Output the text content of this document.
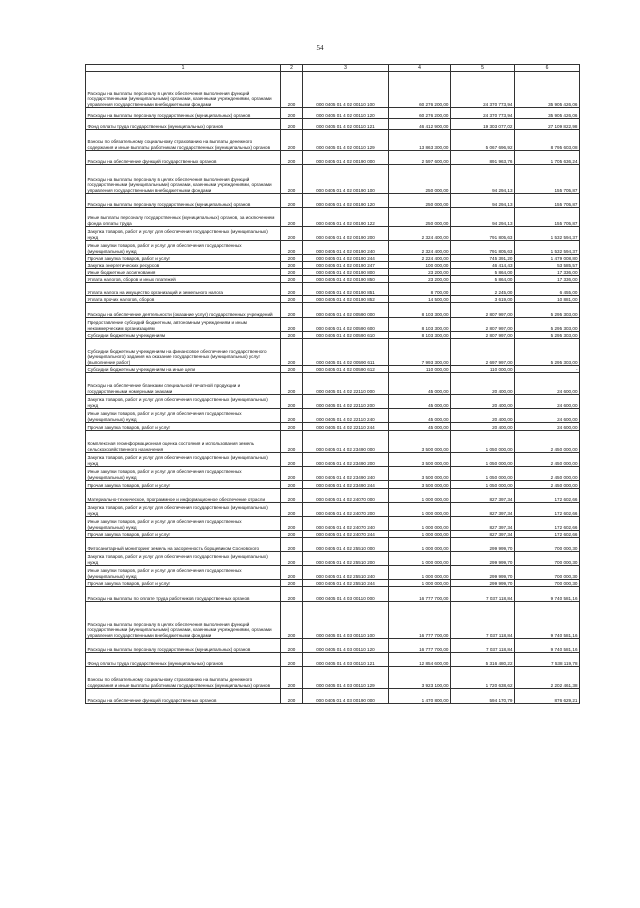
54
1	2	3	4	5	6
Расходы на выплаты персоналу в целях обеспечения выполнения функций государственными (муниципальными) органами, казенными учреждениями, органами управления государственными внебюджетными фондами	200	000 0405 01 4 02 00110 100	60 276 200,00	24 370 773,94	35 905 426,06
Расходы на выплаты персоналу государственных (муниципальных) органов	200	000 0405 01 4 02 00110 120	60 276 200,00	24 370 773,94	35 905 426,06
Фонд оплаты труда государственных (муниципальных) органов	200	000 0405 01 4 02 00110 121	46 412 900,00	19 303 077,02	27 109 822,98
Взносы по обязательному социальному страхованию на выплаты денежного содержания и иные выплаты работникам государственных (муниципальных) органов	200	000 0405 01 4 02 00110 129	13 863 300,00	5 067 696,92	8 795 603,08
Расходы на обеспечение функций государственных органов	200	000 0405 01 4 02 00190 000	2 597 600,00	891 963,76	1 705 636,24
Расходы на выплаты персоналу в целях обеспечения выполнения функций государственными (муниципальными) органами, казенными учреждениями, органами управления государственными внебюджетными фондами	200	000 0405 01 4 02 00190 100	250 000,00	94 294,13	155 705,87
Расходы на выплаты персоналу государственных (муниципальных) органов	200	000 0405 01 4 02 00190 120	250 000,00	94 294,13	155 705,87
Иные выплаты персоналу государственных (муниципальных) органов, за исключением фонда оплаты труда	200	000 0405 01 4 02 00190 122	250 000,00	94 294,13	155 705,87
Закупка товаров, работ и услуг для обеспечения государственных (муниципальных) нужд	200	000 0405 01 4 02 00190 200	2 324 400,00	791 805,63	1 532 594,37
Иные закупки товаров, работ и услуг для обеспечения государственных (муниципальных) нужд	200	000 0405 01 4 02 00190 240	2 324 400,00	791 805,63	1 532 594,37
Прочая закупка товаров, работ и услуг	200	000 0405 01 4 02 00190 244	2 224 400,00	745 391,20	1 479 008,80
Закупка энергетических ресурсов	200	000 0405 01 4 02 00190 247	100 000,00	46 414,43	53 585,57
Иные бюджетные ассигнования	200	000 0405 01 4 02 00190 800	23 200,00	5 864,00	17 336,00
Уплата налогов, сборов и иных платежей	200	000 0405 01 4 02 00190 850	23 200,00	5 864,00	17 336,00
Уплата налога на имущество организаций и земельного налога	200	000 0405 01 4 02 00190 851	8 700,00	2 245,00	6 455,00
Уплата прочих налогов, сборов	200	000 0405 01 4 02 00190 852	14 500,00	3 619,00	10 881,00
Расходы на обеспечение деятельности (оказание услуг) государственных учреждений	200	000 0405 01 4 02 00590 000	8 103 300,00	2 807 997,00	5 295 303,00
Предоставление субсидий бюджетным, автономным учреждениям и иным некоммерческим организациям	200	000 0405 01 4 02 00590 600	8 103 300,00	2 807 997,00	5 295 303,00
Субсидии бюджетным учреждениям	200	000 0405 01 4 02 00590 610	8 103 300,00	2 807 997,00	5 295 303,00
Субсидии бюджетным учреждениям на финансовое обеспечение государственного (муниципального) задания на оказание государственных (муниципальных) услуг (выполнение работ)	200	000 0405 01 4 02 00590 611	7 993 300,00	2 697 997,00	5 295 303,00
Субсидии бюджетным учреждениям на иные цели	200	000 0405 01 4 02 00590 612	110 000,00	110 000,00	-
Расходы на обеспечение бланками специальной печатной продукции и государственными номерными знаками	200	000 0405 01 4 02 22110 000	45 000,00	20 400,00	24 600,00
Закупка товаров, работ и услуг для обеспечения государственных (муниципальных) нужд	200	000 0405 01 4 02 22110 200	45 000,00	20 400,00	24 600,00
Иные закупки товаров, работ и услуг для обеспечения государственных (муниципальных) нужд	200	000 0405 01 4 02 22110 240	45 000,00	20 400,00	24 600,00
Прочая закупка товаров, работ и услуг	200	000 0405 01 4 02 22110 244	45 000,00	20 400,00	24 600,00
Комплексная геоинформационная оценка состояния и использования земель сельскохозяйственного назначения	200	000 0405 01 4 02 23490 000	3 500 000,00	1 050 000,00	2 450 000,00
Закупка товаров, работ и услуг для обеспечения государственных (муниципальных) нужд	200	000 0405 01 4 02 23490 200	3 500 000,00	1 050 000,00	2 450 000,00
Иные закупки товаров, работ и услуг для обеспечения государственных (муниципальных) нужд	200	000 0405 01 4 02 23490 240	3 500 000,00	1 050 000,00	2 450 000,00
Прочая закупка товаров, работ и услуг	200	000 0405 01 4 02 23490 244	3 500 000,00	1 050 000,00	2 450 000,00
Материально-техническое, программное и информационное обеспечение отрасли	200	000 0405 01 4 02 24070 000	1 000 000,00	827 397,34	172 602,66
Закупка товаров, работ и услуг для обеспечения государственных (муниципальных) нужд	200	000 0405 01 4 02 24070 200	1 000 000,00	827 397,34	172 602,66
Иные закупки товаров, работ и услуг для обеспечения государственных (муниципальных) нужд	200	000 0405 01 4 02 24070 240	1 000 000,00	827 397,34	172 602,66
Прочая закупка товаров, работ и услуг	200	000 0405 01 4 02 24070 244	1 000 000,00	827 397,34	172 602,66
Фитосанитарный мониторинг земель на засоренность борщевиком Сосновского	200	000 0405 01 4 02 25510 000	1 000 000,00	299 999,70	700 000,30
Закупка товаров, работ и услуг для обеспечения государственных (муниципальных) нужд	200	000 0405 01 4 02 25510 200	1 000 000,00	299 999,70	700 000,30
Иные закупки товаров, работ и услуг для обеспечения государственных (муниципальных) нужд	200	000 0405 01 4 02 25510 240	1 000 000,00	299 999,70	700 000,30
Прочая закупка товаров, работ и услуг	200	000 0405 01 4 02 25510 244	1 000 000,00	299 999,70	700 000,30
Расходы на выплаты по оплате труда работников государственных органов	200	000 0405 01 4 03 00110 000	16 777 700,00	7 037 118,84	9 740 581,16
Расходы на выплаты персоналу в целях обеспечения выполнения функций государственными (муниципальными) органами, казенными учреждениями, органами управления государственными внебюджетными фондами	200	000 0405 01 4 03 00110 100	16 777 700,00	7 037 118,84	9 740 581,16
Расходы на выплаты персоналу государственных (муниципальных) органов	200	000 0405 01 4 03 00110 120	16 777 700,00	7 037 118,84	9 740 581,16
Фонд оплаты труда государственных (муниципальных) органов	200	000 0405 01 4 03 00110 121	12 854 600,00	5 316 480,22	7 538 119,78
Взносы по обязательному социальному страхованию на выплаты денежного содержания и иные выплаты работникам государственных (муниципальных) органов	200	000 0405 01 4 03 00110 129	3 923 100,00	1 720 638,62	2 202 461,38
Расходы на обеспечение функций государственных органов	200	000 0405 01 4 03 00190 000	1 470 800,00	594 170,79	876 629,21
